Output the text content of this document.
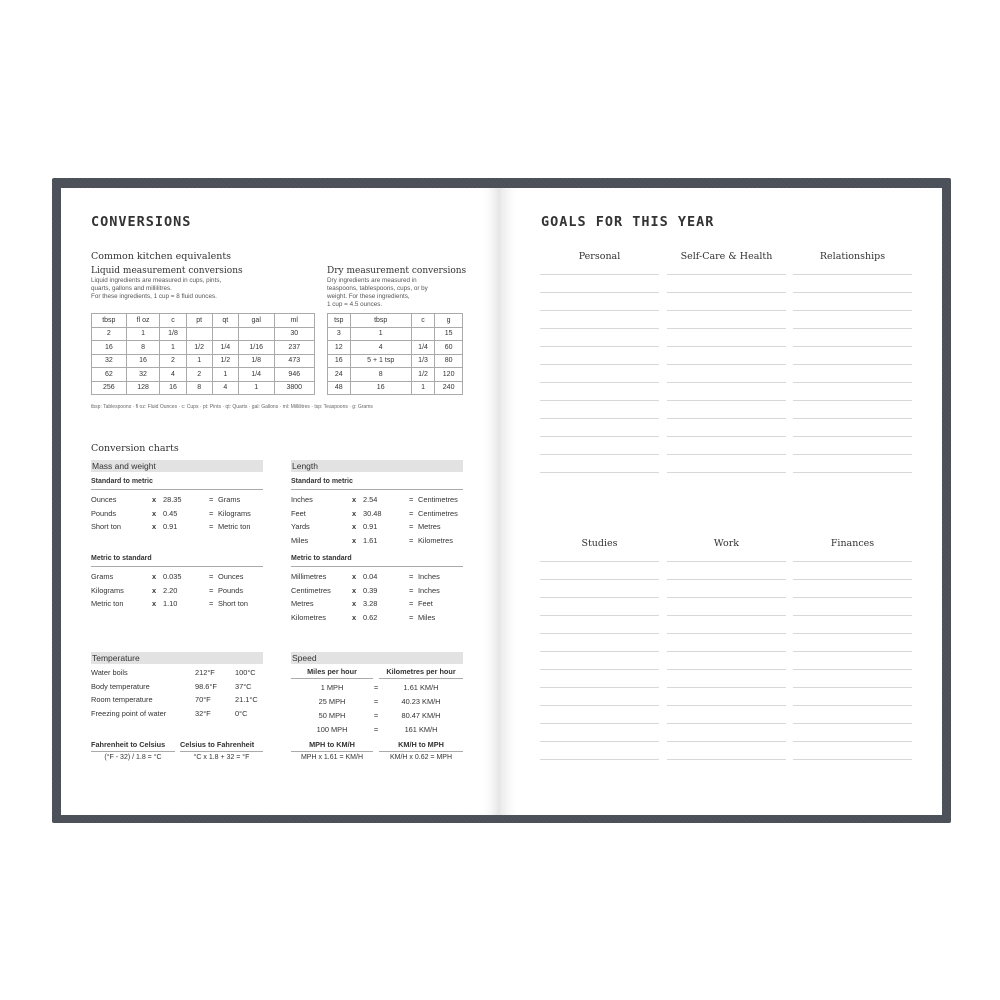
CONVERSIONS
Common kitchen equivalents
Liquid measurement conversions
Liquid ingredients are measured in cups, pints,
quarts, gallons and millilitres.
For these ingredients, 1 cup = 8 fluid ounces.
Dry measurement conversions
Dry ingredients are measured in
teaspoons, tablespoons, cups, or by
weight. For these ingredients,
1 cup = 4.5 ounces.
tbsp	fl oz	c	pt	qt	gal	ml
2	1	1/8				30
16	8	1	1/2	1/4	1/16	237
32	16	2	1	1/2	1/8	473
62	32	4	2	1	1/4	946
256	128	16	8	4	1	3800
tsp	tbsp	c	g
3	1		15
12	4	1/4	60
16	5 + 1 tsp	1/3	80
24	8	1/2	120
48	16	1	240
tbsp: Tablespoons · fl oz: Fluid Ounces · c: Cups · pt: Pints · qt: Quarts · gal: Gallons · ml: Millilitres · tsp: Teaspoons · g: Grams
Conversion charts
Mass and weight
Standard to metric
Ounces	x 28.35	= Grams
Pounds	x 0.45	= Kilograms
Short ton	x 0.91	= Metric ton
Metric to standard
Grams	x 0.035	= Ounces
Kilograms	x 2.20	= Pounds
Metric ton	x 1.10	= Short ton
Length
Standard to metric
Inches	x 2.54	= Centimetres
Feet	x 30.48	= Centimetres
Yards	x 0.91	= Metres
Miles	x 1.61	= Kilometres
Metric to standard
Millimetres	x 0.04	= Inches
Centimetres	x 0.39	= Inches
Metres	x 3.28	= Feet
Kilometres	x 0.62	= Miles
Temperature
Water boils	212°F	100°C
Body temperature	98.6°F 37°C
Room temperature	70°F	21.1°C
Freezing point of water	32°F	0°C
Fahrenheit to Celsius
(°F - 32) / 1.8 = °C
Celsius to Fahrenheit
°C x 1.8 + 32 = °F
Speed
Miles per hour	Kilometres per hour
1 MPH	=	1.61 KM/H
25 MPH	=	40.23 KM/H
50 MPH	=	80.47 KM/H
100 MPH	=	161 KM/H
MPH to KM/H
MPH x 1.61 = KM/H
KM/H to MPH
KM/H x 0.62 = MPH
GOALS FOR THIS YEAR
Personal	Self-Care & Health	Relationships
Studies	Work	Finances
